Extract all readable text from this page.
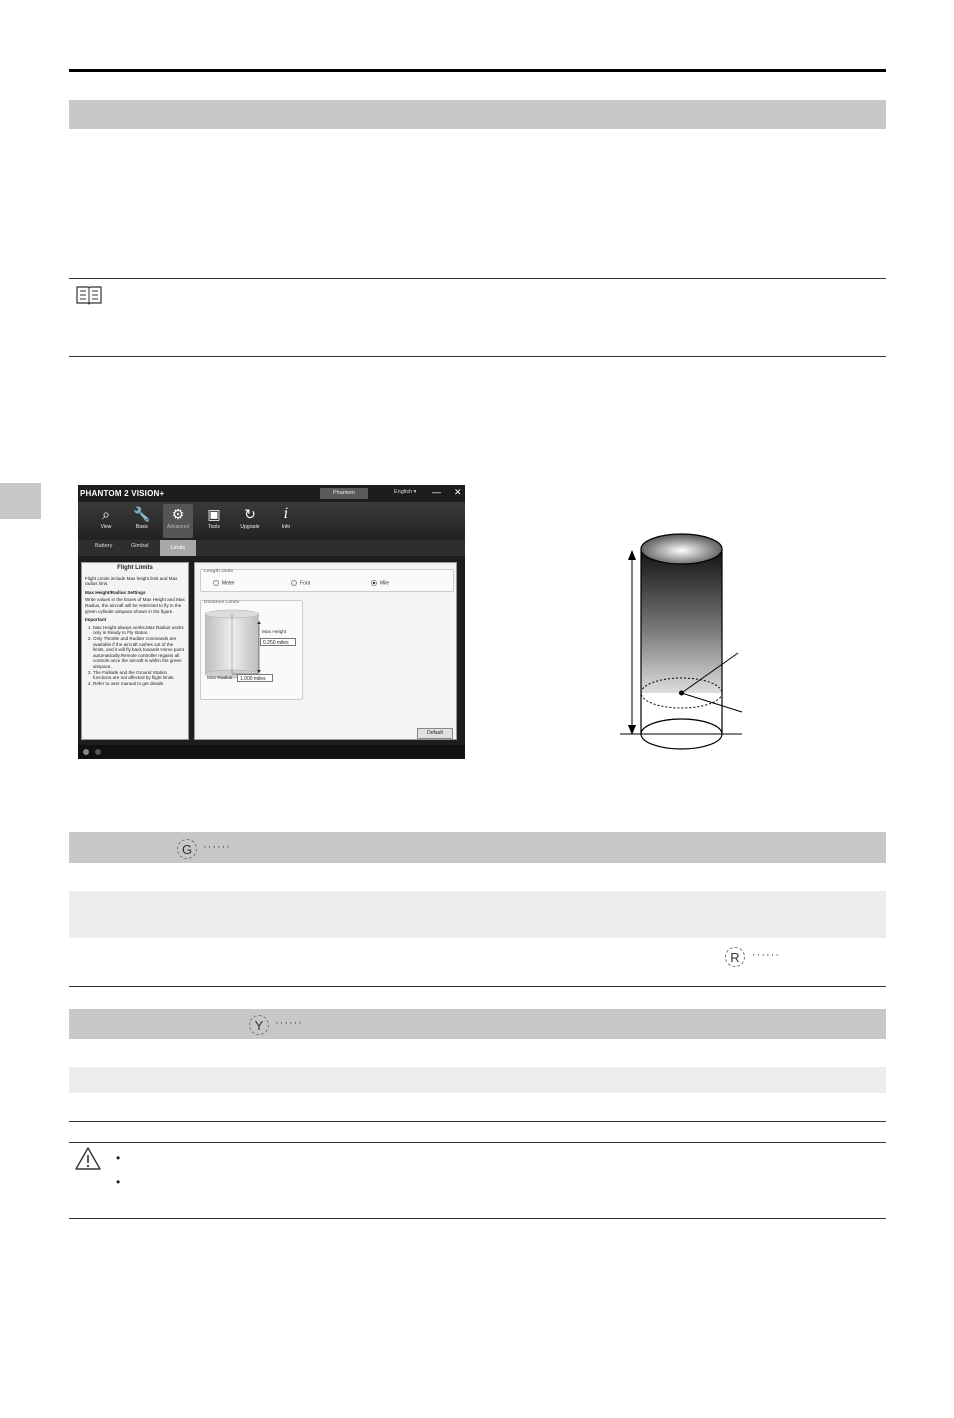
PHANTOM 2 VISION+	Phantom	English ▾ — ✕
⌕
View
🔧
Basic
⚙
Advanced
▣
Tools
↻
Upgrade
i
Info
Battery	Gimbal	Limits
Flight Limits

Flight Limits include Max height limit and Max radius limit.

Max Height/Radius Settings

Write values in the boxes of Max Height and Max Radius, the aircraft will be restricted to fly in the green cylinder airspace shown in the figure.

Important
1. Max Height always works,Max Radius works only in Ready to Fly status.
2. Only Throttle and Rudder commands are available if the aircraft rushes out of the limits, and it will fly back towards Home point automatically.Remote controller regains all controls once the aircraft is within the green airspace.
3. The Failsafe and the Ground Station functions are not affected by flight limits.
4. Refer to user manual to get details.
Length Units
Meter	Foot	Mile
Distance Limits
Max Height
0.250 miles
Max Radius	1.000 miles
Default
G ······
R	······
Y	······
•
•
